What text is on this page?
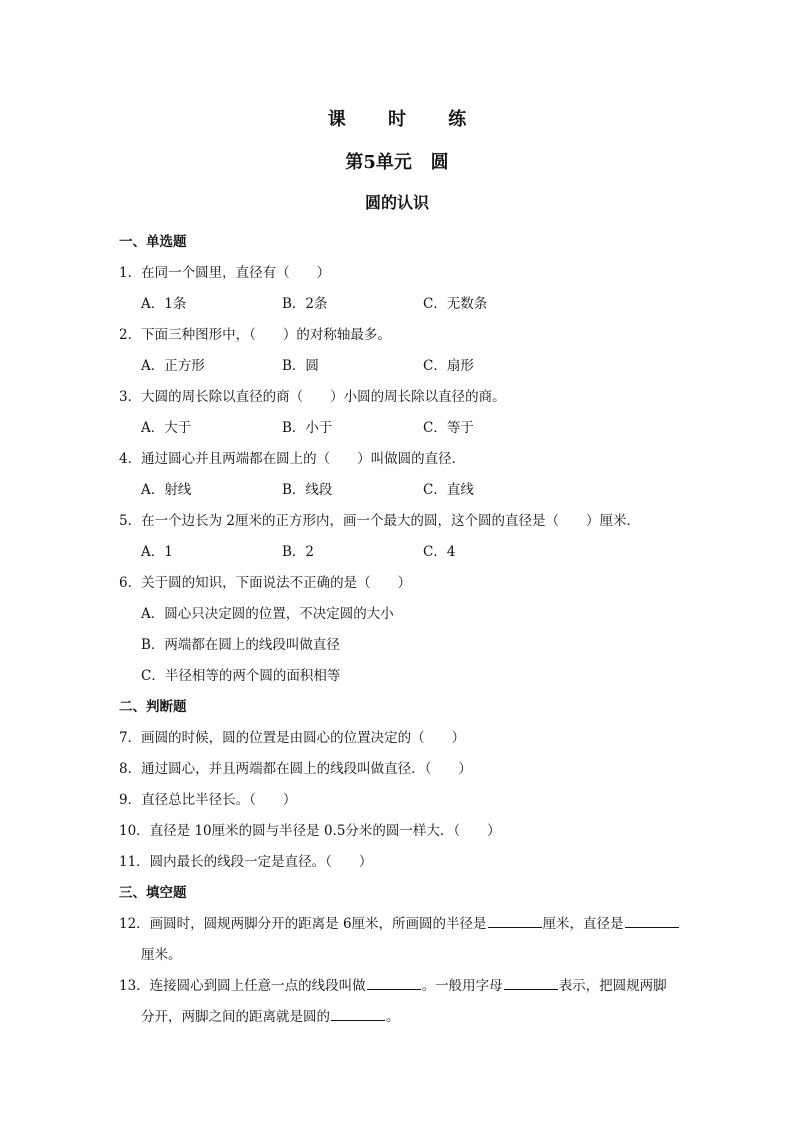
课 时 练
第5单元   圆
圆的认识
一、单选题
1．在同一个圆里，直径有（　　）
A．1条	B．2条	C．无数条
2．下面三种图形中，（　　）的对称轴最多。
A．正方形	B．圆	C．扇形
3．大圆的周长除以直径的商（　　）小圆的周长除以直径的商。
A．大于	B．小于	C．等于
4．通过圆心并且两端都在圆上的（　　）叫做圆的直径．
A．射线	B．线段	C．直线
5．在一个边长为 2厘米的正方形内，画一个最大的圆，这个圆的直径是（　　）厘米．
A．1	B．2	C．4
6．关于圆的知识，下面说法不正确的是（　　）
A．圆心只决定圆的位置，不决定圆的大小
B．两端都在圆上的线段叫做直径
C．半径相等的两个圆的面积相等
二、判断题
7．画圆的时候，圆的位置是由圆心的位置决定的（　　）
8．通过圆心，并且两端都在圆上的线段叫做直径．（　　）
9．直径总比半径长。（　　）
10．直径是 10厘米的圆与半径是 0.5分米的圆一样大．（　　）
11．圆内最长的线段一定是直径。（　　）
三、填空题
12．画圆时，圆规两脚分开的距离是 6厘米，所画圆的半径是	厘米，直径是
厘米。
13．连接圆心到圆上任意一点的线段叫做	。一般用字母	表示，把圆规两脚
分开，两脚之间的距离就是圆的	。
